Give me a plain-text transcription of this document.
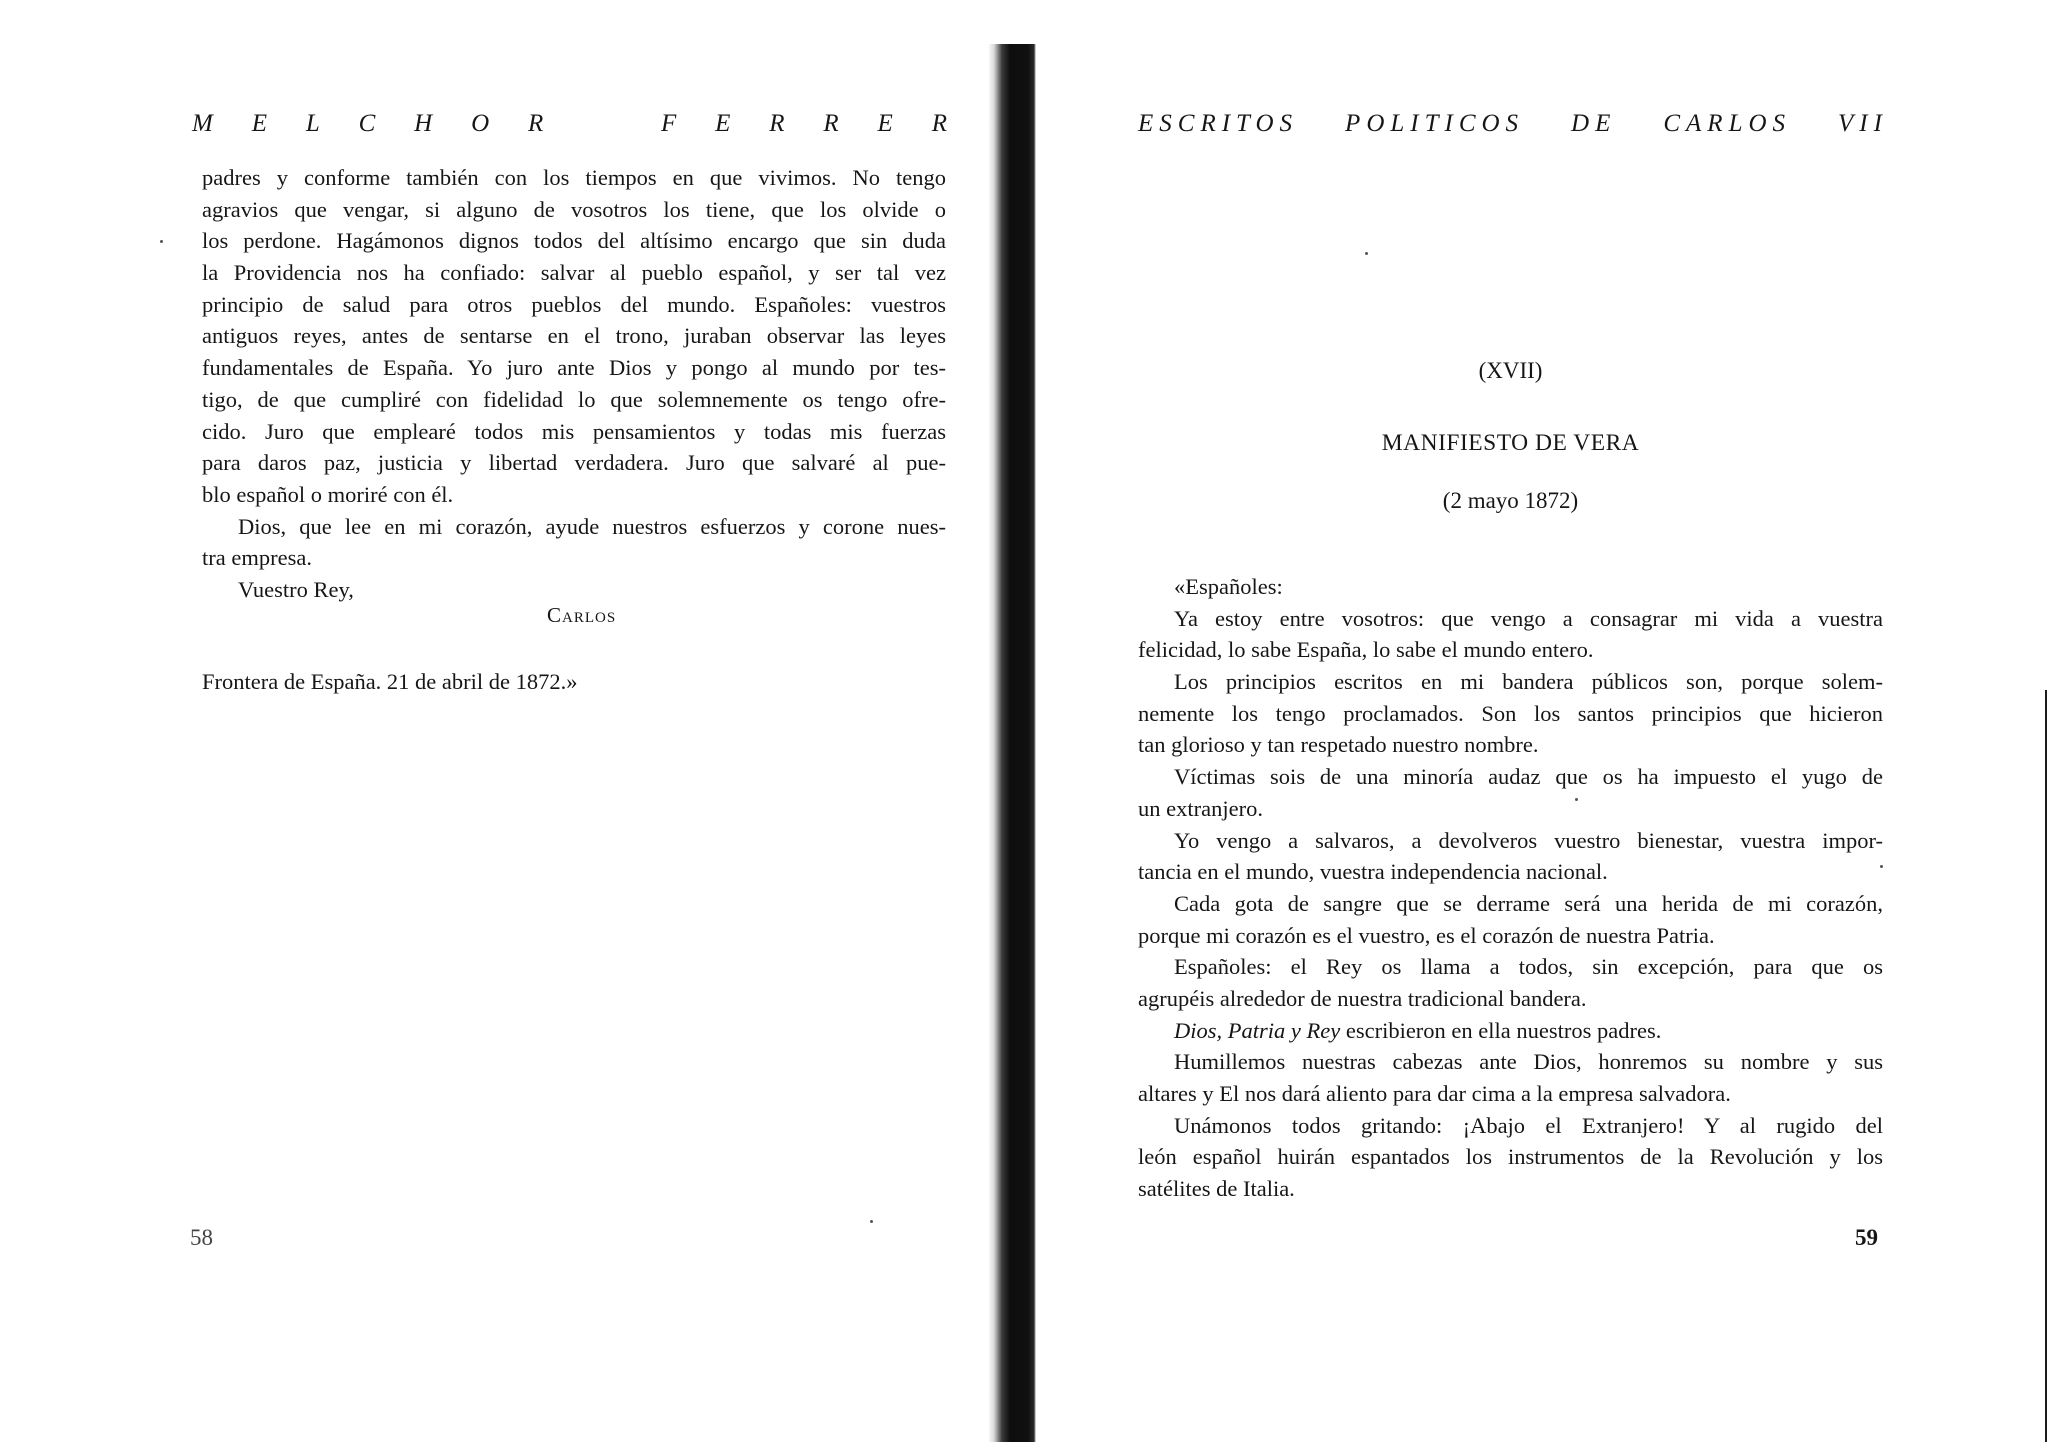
M E L C H O R	F E R R E R
padres y conforme también con los tiempos en que vivimos. No tengo
agravios que vengar, si alguno de vosotros los tiene, que los olvide o
los perdone. Hagámonos dignos todos del altísimo encargo que sin duda
la Providencia nos ha confiado: salvar al pueblo español, y ser tal vez
principio de salud para otros pueblos del mundo. Españoles: vuestros
antiguos reyes, antes de sentarse en el trono, juraban observar las leyes
fundamentales de España. Yo juro ante Dios y pongo al mundo por tes-
tigo, de que cumpliré con fidelidad lo que solemnemente os tengo ofre-
cido. Juro que emplearé todos mis pensamientos y todas mis fuerzas
para daros paz, justicia y libertad verdadera. Juro que salvaré al pue-
blo español o moriré con él.
Dios, que lee en mi corazón, ayude nuestros esfuerzos y corone nues-
tra empresa.
Vuestro Rey,
Carlos
Frontera de España. 21 de abril de 1872.»
58
ESCRITOS POLITICOS DE CARLOS VII
(XVII)
MANIFIESTO DE VERA
(2 mayo 1872)
«Españoles:
Ya estoy entre vosotros: que vengo a consagrar mi vida a vuestra
felicidad, lo sabe España, lo sabe el mundo entero.
Los principios escritos en mi bandera públicos son, porque solem-
nemente los tengo proclamados. Son los santos principios que hicieron
tan glorioso y tan respetado nuestro nombre.
Víctimas sois de una minoría audaz que os ha impuesto el yugo de
un extranjero.
Yo vengo a salvaros, a devolveros vuestro bienestar, vuestra impor-
tancia en el mundo, vuestra independencia nacional.
Cada gota de sangre que se derrame será una herida de mi corazón,
porque mi corazón es el vuestro, es el corazón de nuestra Patria.
Españoles: el Rey os llama a todos, sin excepción, para que os
agrupéis alrededor de nuestra tradicional bandera.
Dios, Patria y Rey escribieron en ella nuestros padres.
Humillemos nuestras cabezas ante Dios, honremos su nombre y sus
altares y El nos dará aliento para dar cima a la empresa salvadora.
Unámonos todos gritando: ¡Abajo el Extranjero! Y al rugido del
león español huirán espantados los instrumentos de la Revolución y los
satélites de Italia.
59
